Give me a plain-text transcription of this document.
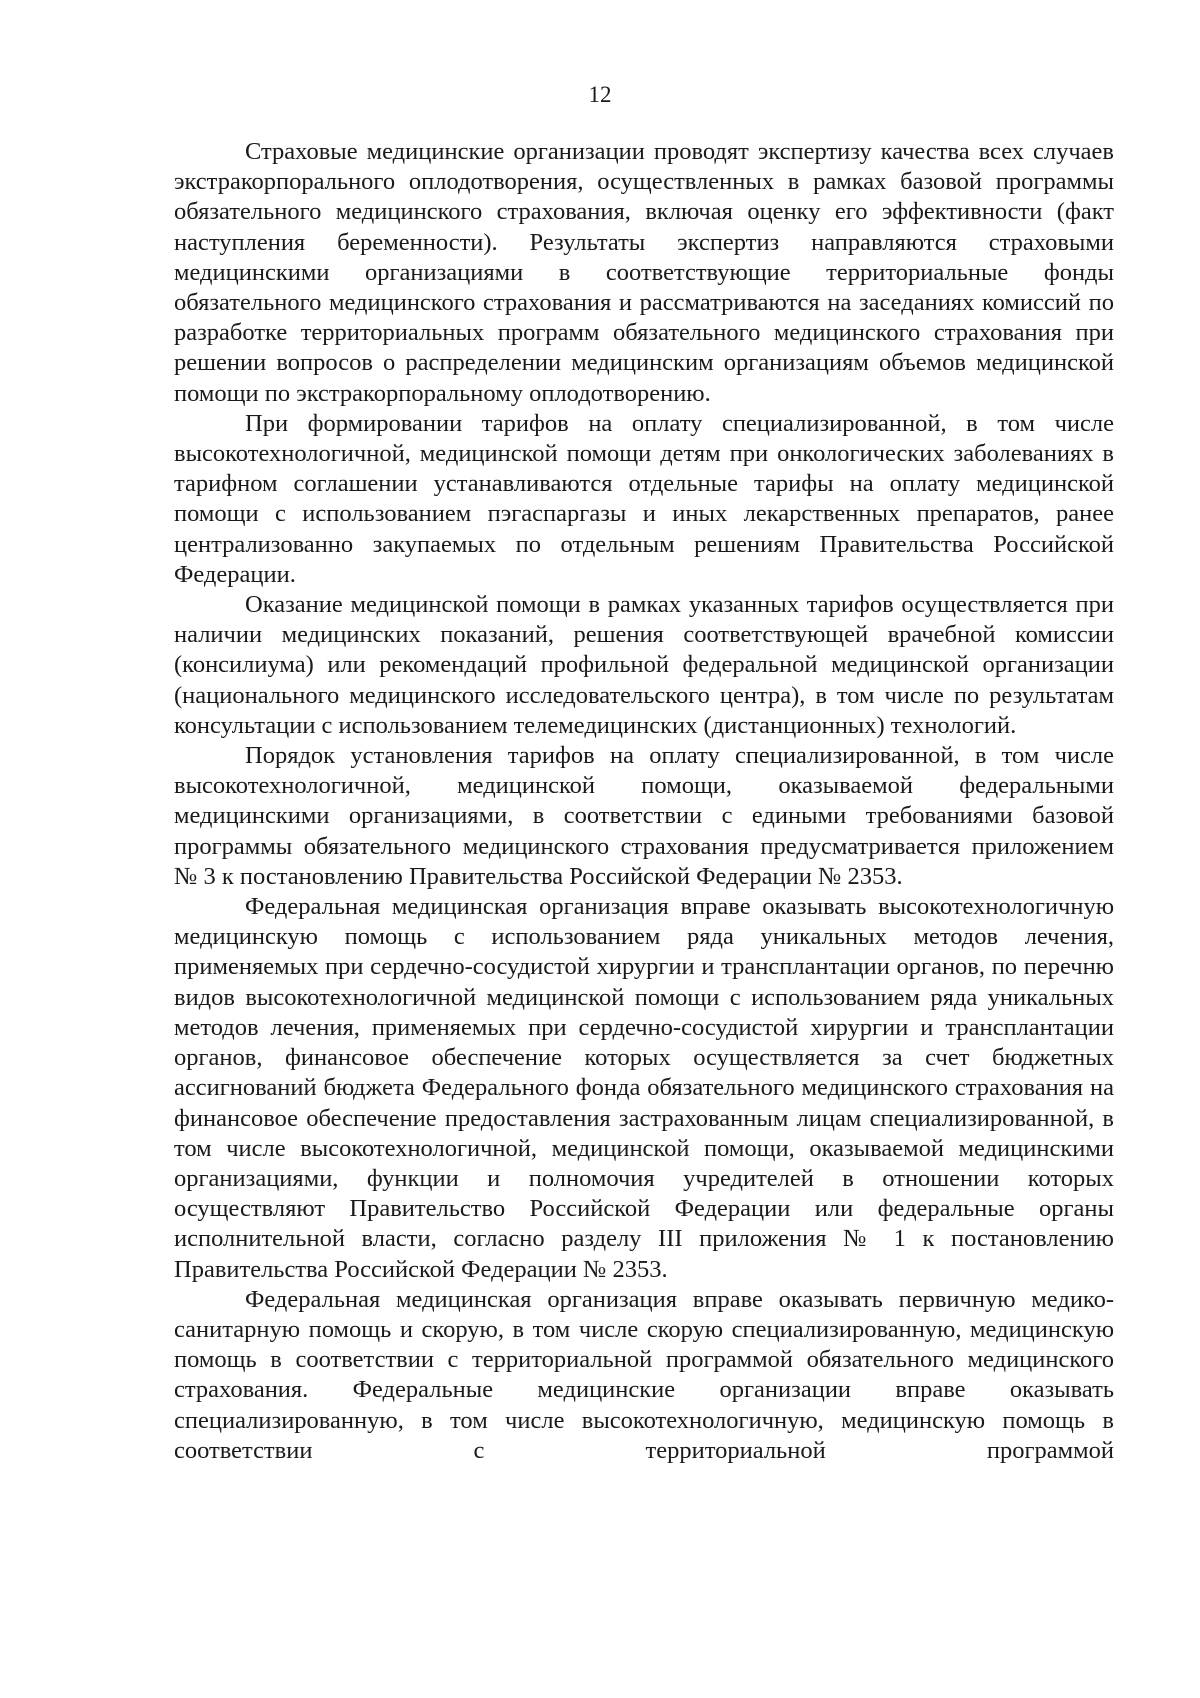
12

Страховые медицинские организации проводят экспертизу качества всех случаев экстракорпорального оплодотворения, осуществленных в рамках базовой программы обязательного медицинского страхования, включая оценку его эффективности (факт наступления беременности). Результаты экспертиз направляются страховыми медицинскими организациями в соответствующие территориальные фонды обязательного медицинского страхования и рассматриваются на заседаниях комиссий по разработке территориальных программ обязательного медицинского страхования при решении вопросов о распределении медицинским организациям объемов медицинской помощи по экстракорпоральному оплодотворению.

При формировании тарифов на оплату специализированной, в том числе высокотехнологичной, медицинской помощи детям при онкологических заболеваниях в тарифном соглашении устанавливаются отдельные тарифы на оплату медицинской помощи с использованием пэгаспаргазы и иных лекарственных препаратов, ранее централизованно закупаемых по отдельным решениям Правительства Российской Федерации.

Оказание медицинской помощи в рамках указанных тарифов осуществляется при наличии медицинских показаний, решения соответствующей врачебной комиссии (консилиума) или рекомендаций профильной федеральной медицинской организации (национального медицинского исследовательского центра), в том числе по результатам консультации с использованием телемедицинских (дистанционных) технологий.

Порядок установления тарифов на оплату специализированной, в том числе высокотехнологичной, медицинской помощи, оказываемой федеральными медицинскими организациями, в соответствии с едиными требованиями базовой программы обязательного медицинского страхования предусматривается приложением № 3 к постановлению Правительства Российской Федерации № 2353.

Федеральная медицинская организация вправе оказывать высокотехнологичную медицинскую помощь с использованием ряда уникальных методов лечения, применяемых при сердечно-сосудистой хирургии и трансплантации органов, по перечню видов высокотехнологичной медицинской помощи с использованием ряда уникальных методов лечения, применяемых при сердечно-сосудистой хирургии и трансплантации органов, финансовое обеспечение которых осуществляется за счет бюджетных ассигнований бюджета Федерального фонда обязательного медицинского страхования на финансовое обеспечение предоставления застрахованным лицам специализированной, в том числе высокотехнологичной, медицинской помощи, оказываемой медицинскими организациями, функции и полномочия учредителей в отношении которых осуществляют Правительство Российской Федерации или федеральные органы исполнительной власти, согласно разделу III приложения № 1 к постановлению Правительства Российской Федерации № 2353.

Федеральная медицинская организация вправе оказывать первичную медико-санитарную помощь и скорую, в том числе скорую специализированную, медицинскую помощь в соответствии с территориальной программой обязательного медицинского страхования. Федеральные медицинские организации вправе оказывать специализированную, в том числе высокотехнологичную, медицинскую помощь в соответствии с территориальной программой
